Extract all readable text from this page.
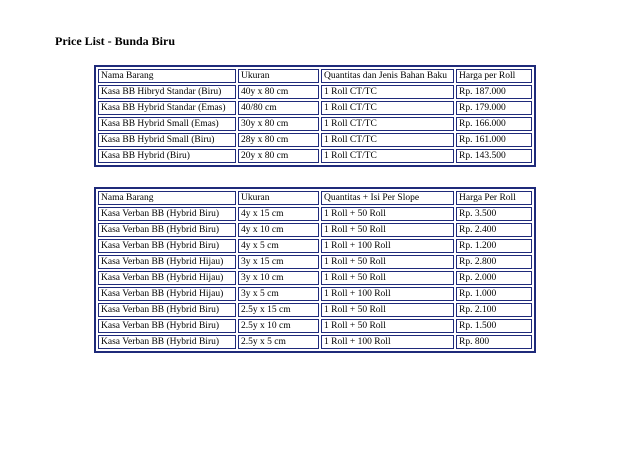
Price List - Bunda Biru
Nama Barang	Ukuran	Quantitas dan Jenis Bahan Baku	Harga per Roll
Kasa BB Hibryd Standar (Biru)	40y x 80 cm	1 Roll CT/TC	Rp. 187.000
Kasa BB Hybrid Standar (Emas)	40/80 cm	1 Roll CT/TC	Rp. 179.000
Kasa BB Hybrid Small (Emas)	30y x 80 cm	1 Roll CT/TC	Rp. 166.000
Kasa BB Hybrid Small (Biru)	28y x 80 cm	1 Roll CT/TC	Rp. 161.000
Kasa BB Hybrid (Biru)	20y x 80 cm	1 Roll CT/TC	Rp. 143.500
Nama Barang	Ukuran	Quantitas + Isi Per Slope	Harga Per Roll
Kasa Verban BB (Hybrid Biru)	4y x 15 cm	1 Roll + 50 Roll	Rp. 3.500
Kasa Verban BB (Hybrid Biru)	4y x 10 cm	1 Roll + 50 Roll	Rp. 2.400
Kasa Verban BB (Hybrid Biru)	4y x 5 cm	1 Roll + 100 Roll	Rp. 1.200
Kasa Verban BB (Hybrid Hijau)	3y x 15 cm	1 Roll + 50 Roll	Rp. 2.800
Kasa Verban BB (Hybrid Hijau)	3y x 10 cm	1 Roll + 50 Roll	Rp. 2.000
Kasa Verban BB (Hybrid Hijau)	3y x 5 cm	1 Roll + 100 Roll	Rp. 1.000
Kasa Verban BB (Hybrid Biru)	2.5y x 15 cm	1 Roll + 50 Roll	Rp. 2.100
Kasa Verban BB (Hybrid Biru)	2.5y x 10 cm	1 Roll + 50 Roll	Rp. 1.500
Kasa Verban BB (Hybrid Biru)	2.5y x 5 cm	1 Roll + 100 Roll	Rp. 800
